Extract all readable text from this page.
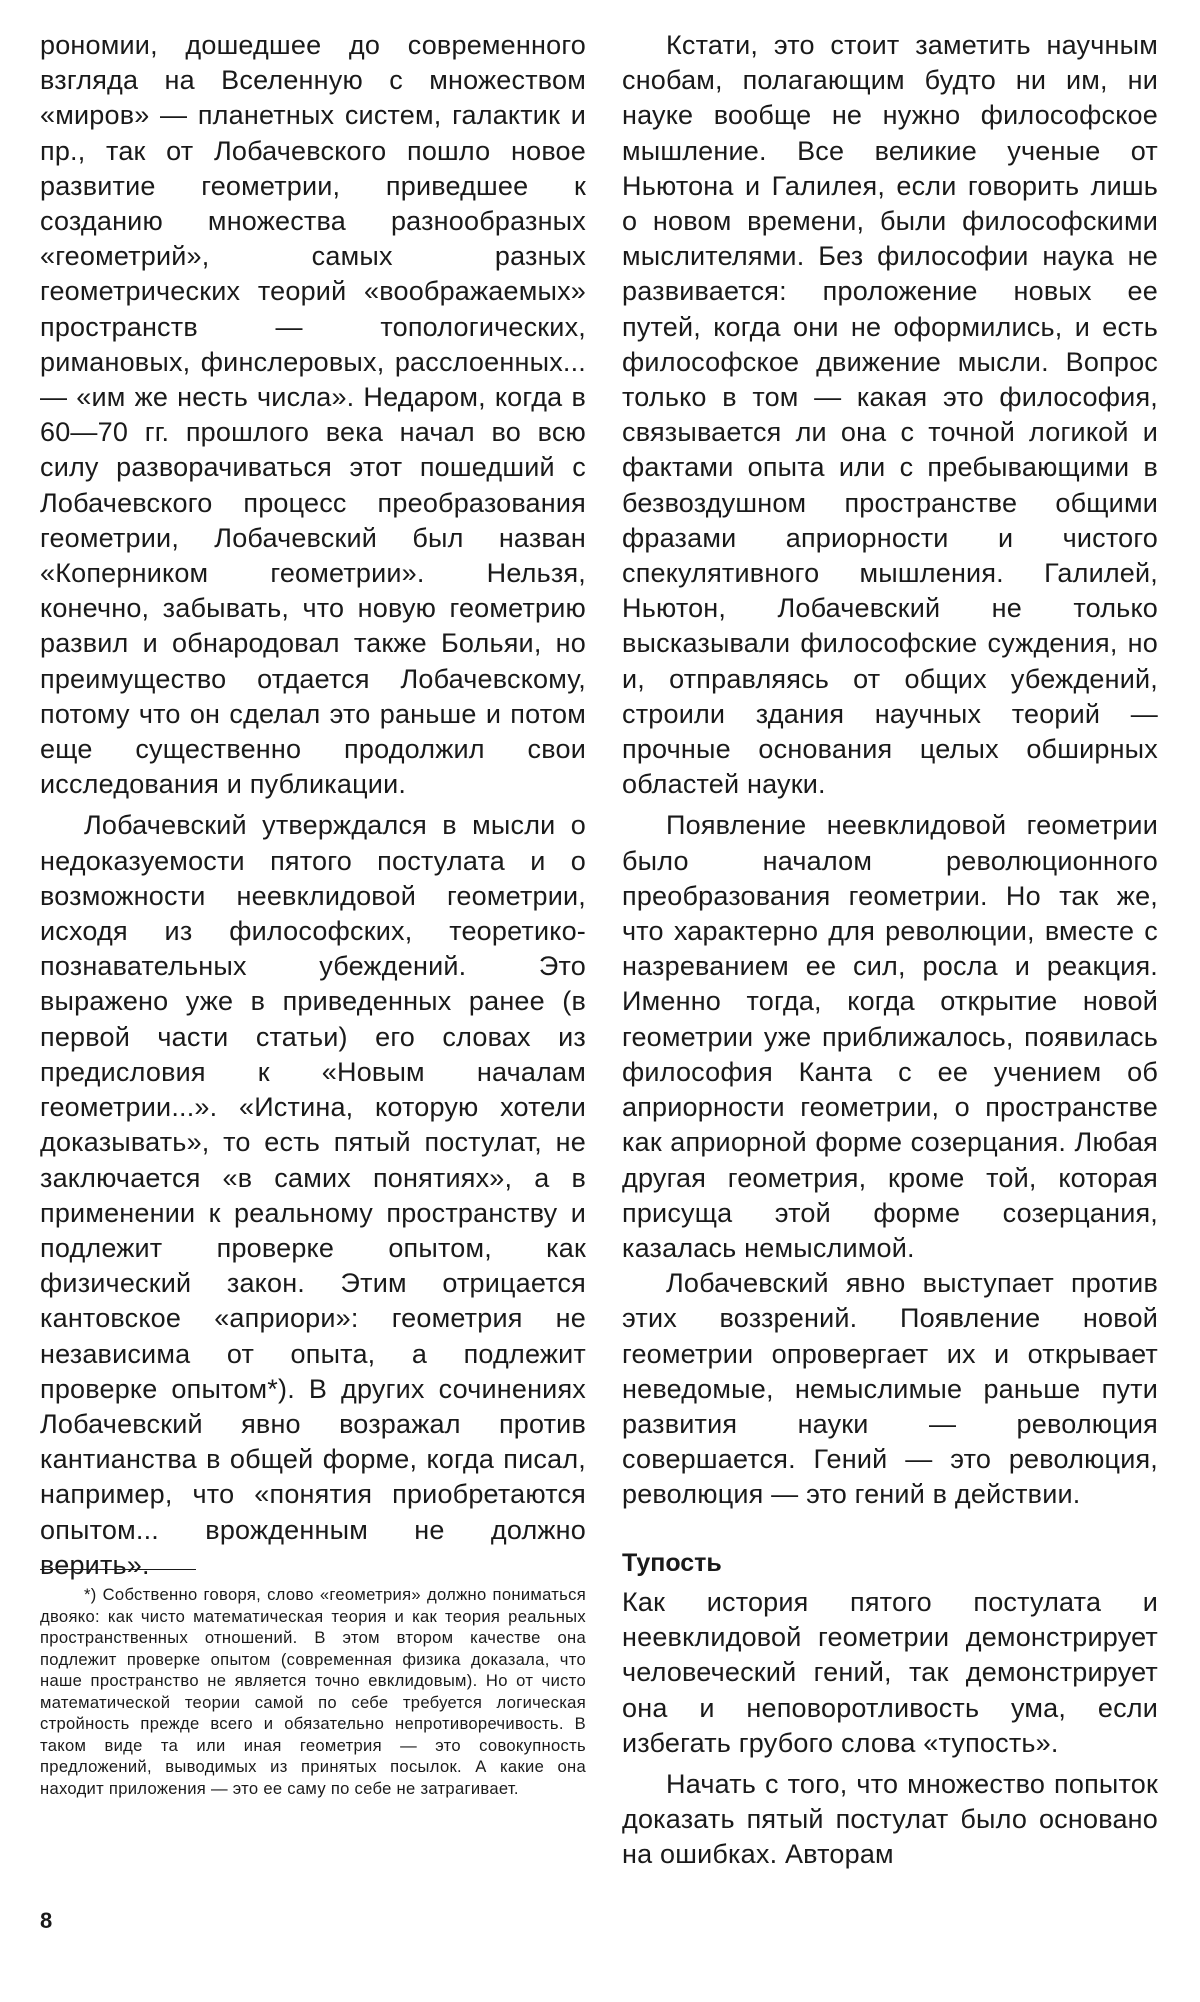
рономии, дошедшее до современного взгляда на Вселенную с множеством «миров» — планетных систем, галактик и пр., так от Лобачевского пошло новое развитие геометрии, приведшее к созданию множества разнообразных «геометрий», самых разных геометрических теорий «воображаемых» пространств — топологических, римановых, финслеровых, расслоенных... — «им же несть числа». Недаром, когда в 60—70 гг. прошлого века начал во всю силу разворачиваться этот пошедший с Лобачевского процесс преобразования геометрии, Лобачевский был назван «Коперником геометрии». Нельзя, конечно, забывать, что новую геометрию развил и обнародовал также Больяи, но преимущество отдается Лобачевскому, потому что он сделал это раньше и потом еще существенно продолжил свои исследования и публикации.

Лобачевский утверждался в мысли о недоказуемости пятого постулата и о возможности неевклидовой геометрии, исходя из философских, теоретико-познавательных убеждений. Это выражено уже в приведенных ранее (в первой части статьи) его словах из предисловия к «Новым началам геометрии...». «Истина, которую хотели доказывать», то есть пятый постулат, не заключается «в самих понятиях», а в применении к реальному пространству и подлежит проверке опытом, как физический закон. Этим отрицается кантовское «априори»: геометрия не независима от опыта, а подлежит проверке опытом*). В других сочинениях Лобачевский явно возражал против кантианства в общей форме, когда писал, например, что «понятия приобретаются опытом... врожденным не должно верить».

*) Собственно говоря, слово «геометрия» должно пониматься двояко: как чисто математическая теория и как теория реальных пространственных отношений. В этом втором качестве она подлежит проверке опытом (современная физика доказала, что наше пространство не является точно евклидовым). Но от чисто математической теории самой по себе требуется логическая стройность прежде всего и обязательно непротиворечивость. В таком виде та или иная геометрия — это совокупность предложений, выводимых из принятых посылок. А какие она находит приложения — это ее саму по себе не затрагивает.

Кстати, это стоит заметить научным снобам, полагающим будто ни им, ни науке вообще не нужно философское мышление. Все великие ученые от Ньютона и Галилея, если говорить лишь о новом времени, были философскими мыслителями. Без философии наука не развивается: проложение новых ее путей, когда они не оформились, и есть философское движение мысли. Вопрос только в том — какая это философия, связывается ли она с точной логикой и фактами опыта или с пребывающими в безвоздушном пространстве общими фразами априорности и чистого спекулятивного мышления. Галилей, Ньютон, Лобачевский не только высказывали философские суждения, но и, отправляясь от общих убеждений, строили здания научных теорий — прочные основания целых обширных областей науки.

Появление неевклидовой геометрии было началом революционного преобразования геометрии. Но так же, что характерно для революции, вместе с назреванием ее сил, росла и реакция. Именно тогда, когда открытие новой геометрии уже приближалось, появилась философия Канта с ее учением об априорности геометрии, о пространстве как априорной форме созерцания. Любая другая геометрия, кроме той, которая присуща этой форме созерцания, казалась немыслимой.

Лобачевский явно выступает против этих воззрений. Появление новой геометрии опровергает их и открывает неведомые, немыслимые раньше пути развития науки — революция совершается. Гений — это революция, революция — это гений в действии.

Тупость

Как история пятого постулата и неевклидовой геометрии демонстрирует человеческий гений, так демонстрирует она и неповоротливость ума, если избегать грубого слова «тупость».

Начать с того, что множество попыток доказать пятый постулат было основано на ошибках. Авторам

8
